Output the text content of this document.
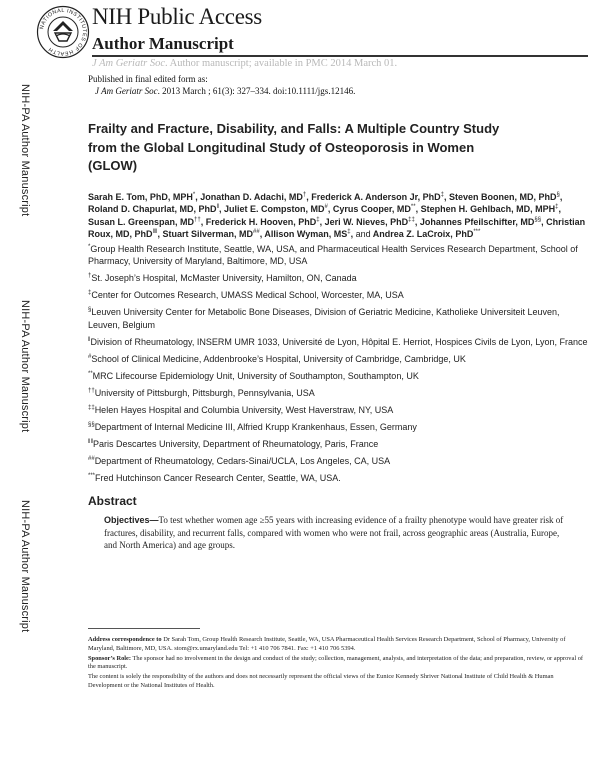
NATIONAL INSTITUTES OF HEALTH
NIH Public Access
Author Manuscript
J Am Geriatr Soc. Author manuscript; available in PMC 2014 March 01.
Published in final edited form as:
J Am Geriatr Soc. 2013 March ; 61(3): 327–334. doi:10.1111/jgs.12146.
NIH-PA Author Manuscript
NIH-PA Author Manuscript
NIH-PA Author Manuscript
Frailty and Fracture, Disability, and Falls: A Multiple Country Study from the Global Longitudinal Study of Osteoporosis in Women (GLOW)
Sarah E. Tom, PhD, MPH*, Jonathan D. Adachi, MD†, Frederick A. Anderson Jr, PhD‡, Steven Boonen, MD, PhD§, Roland D. Chapurlat, MD, PhD‖, Juliet E. Compston, MD#, Cyrus Cooper, MD**, Stephen H. Gehlbach, MD, MPH‡, Susan L. Greenspan, MD††, Frederick H. Hooven, PhD‡, Jeri W. Nieves, PhD‡‡, Johannes Pfeilschifter, MD§§, Christian Roux, MD, PhD‖‖, Stuart Silverman, MD##, Allison Wyman, MS‡, and Andrea Z. LaCroix, PhD***
*Group Health Research Institute, Seattle, WA, USA, and Pharmaceutical Health Services Research Department, School of Pharmacy, University of Maryland, Baltimore, MD, USA
†St. Joseph’s Hospital, McMaster University, Hamilton, ON, Canada
‡Center for Outcomes Research, UMASS Medical School, Worcester, MA, USA
§Leuven University Center for Metabolic Bone Diseases, Division of Geriatric Medicine, Katholieke Universiteit Leuven, Leuven, Belgium
‖Division of Rheumatology, INSERM UMR 1033, Université de Lyon, Hôpital E. Herriot, Hospices Civils de Lyon, Lyon, France
#School of Clinical Medicine, Addenbrooke’s Hospital, University of Cambridge, Cambridge, UK
**MRC Lifecourse Epidemiology Unit, University of Southampton, Southampton, UK
††University of Pittsburgh, Pittsburgh, Pennsylvania, USA
‡‡Helen Hayes Hospital and Columbia University, West Haverstraw, NY, USA
§§Department of Internal Medicine III, Alfried Krupp Krankenhaus, Essen, Germany
‖‖Paris Descartes University, Department of Rheumatology, Paris, France
##Department of Rheumatology, Cedars-Sinai/UCLA, Los Angeles, CA, USA
***Fred Hutchinson Cancer Research Center, Seattle, WA, USA.
Abstract

Objectives—To test whether women age ≥55 years with increasing evidence of a frailty phenotype would have greater risk of fractures, disability, and recurrent falls, compared with women who were not frail, across geographic areas (Australia, Europe, and North America) and age groups.

Address correspondence to Dr Sarah Tom, Group Health Research Institute, Seattle, WA, USA Pharmaceutical Health Services Research Department, School of Pharmacy, University of Maryland, Baltimore, MD, USA. stom@rx.umaryland.edu Tel: +1 410 706 7841. Fax: +1 410 706 5394.

Sponsor’s Role: The sponsor had no involvement in the design and conduct of the study; collection, management, analysis, and interpretation of the data; and preparation, review, or approval of the manuscript.

The content is solely the responsibility of the authors and does not necessarily represent the official views of the Eunice Kennedy Shriver National Institute of Child Health & Human Development or the National Institutes of Health.
